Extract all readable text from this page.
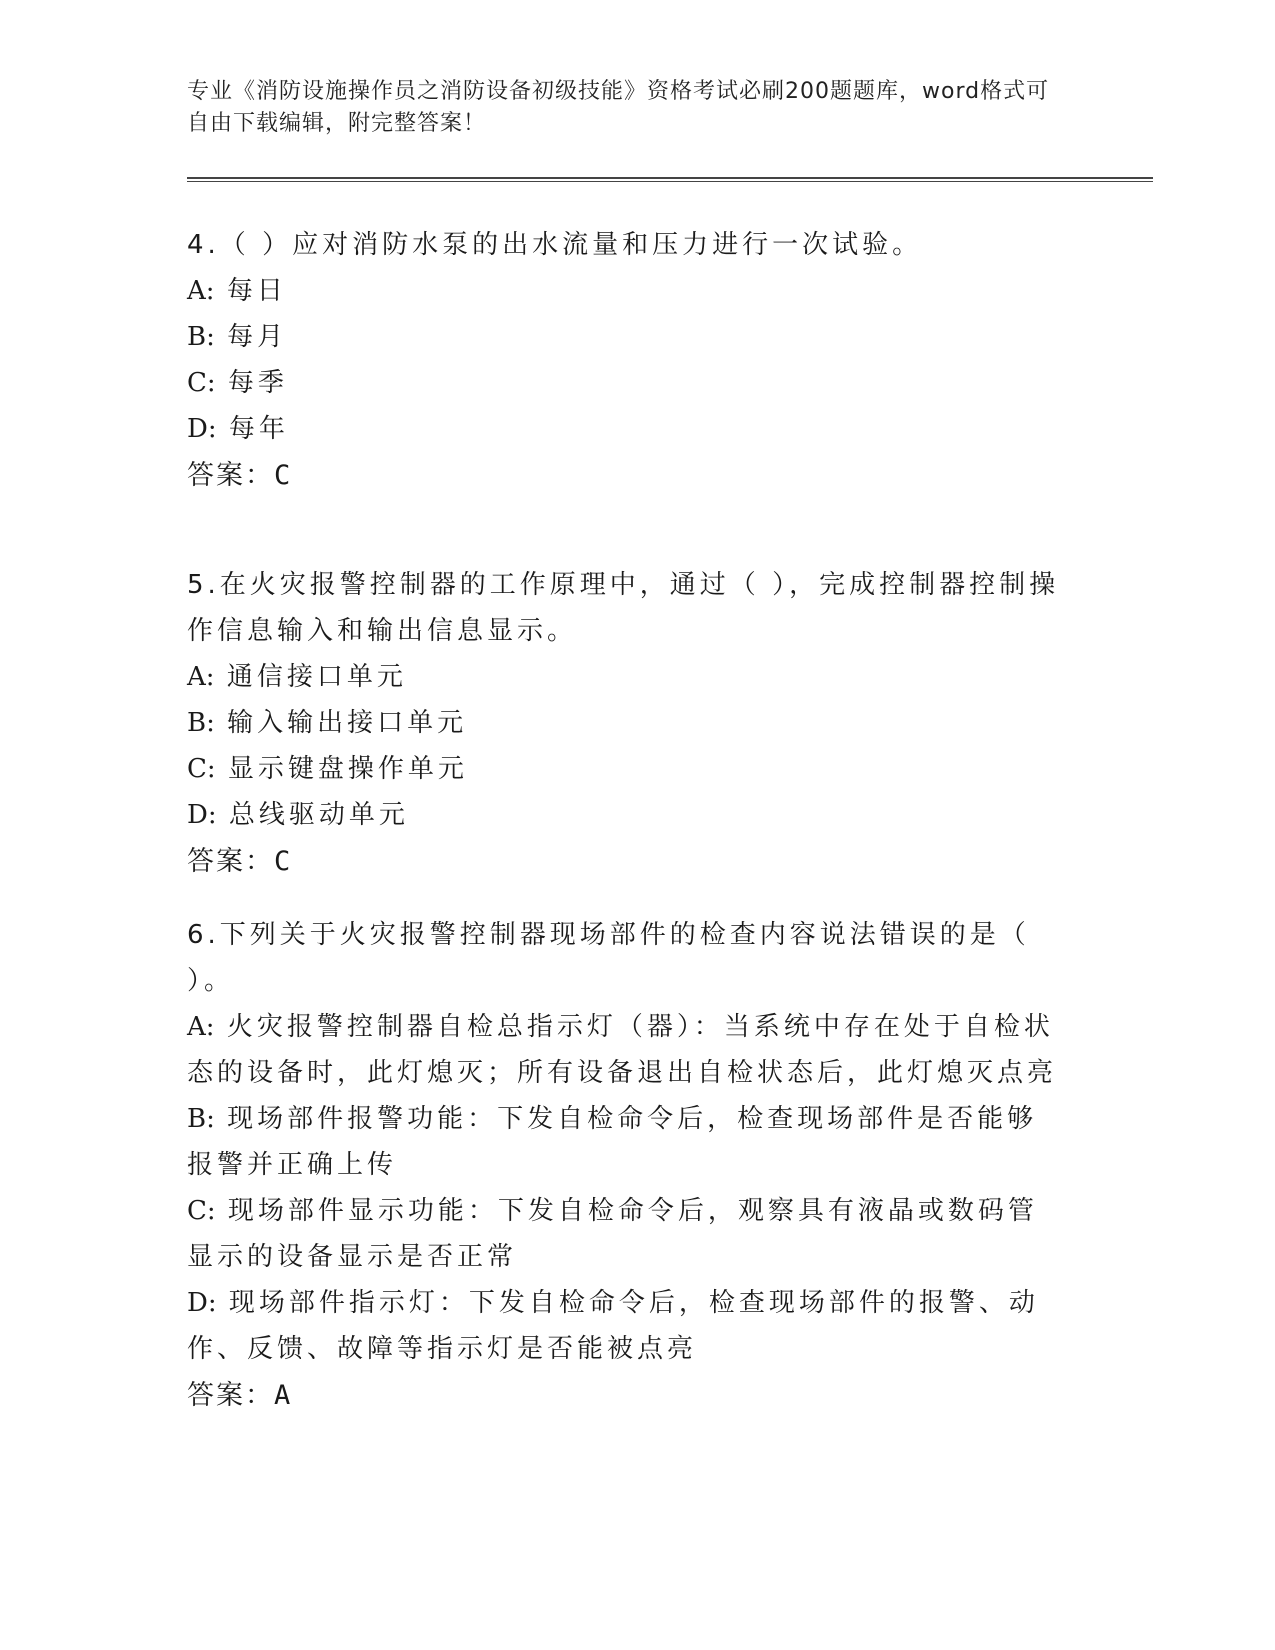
专业《消防设施操作员之消防设备初级技能》资格考试必刷200题题库，word格式可自由下载编辑，附完整答案！

4.（ ）应对消防水泵的出水流量和压力进行一次试验。

A: 每日

B: 每月

C: 每季

D: 每年

答案：C

5.在火灾报警控制器的工作原理中，通过（ ），完成控制器控制操作信息输入和输出信息显示。

A: 通信接口单元

B: 输入输出接口单元

C: 显示键盘操作单元

D: 总线驱动单元

答案：C

6.下列关于火灾报警控制器现场部件的检查内容说法错误的是（ ）。

A: 火灾报警控制器自检总指示灯（器）：当系统中存在处于自检状态的设备时，此灯熄灭；所有设备退出自检状态后，此灯熄灭点亮

B: 现场部件报警功能：下发自检命令后，检查现场部件是否能够报警并正确上传

C: 现场部件显示功能：下发自检命令后，观察具有液晶或数码管显示的设备显示是否正常

D: 现场部件指示灯：下发自检命令后，检查现场部件的报警、动作、反馈、故障等指示灯是否能被点亮

答案：A
